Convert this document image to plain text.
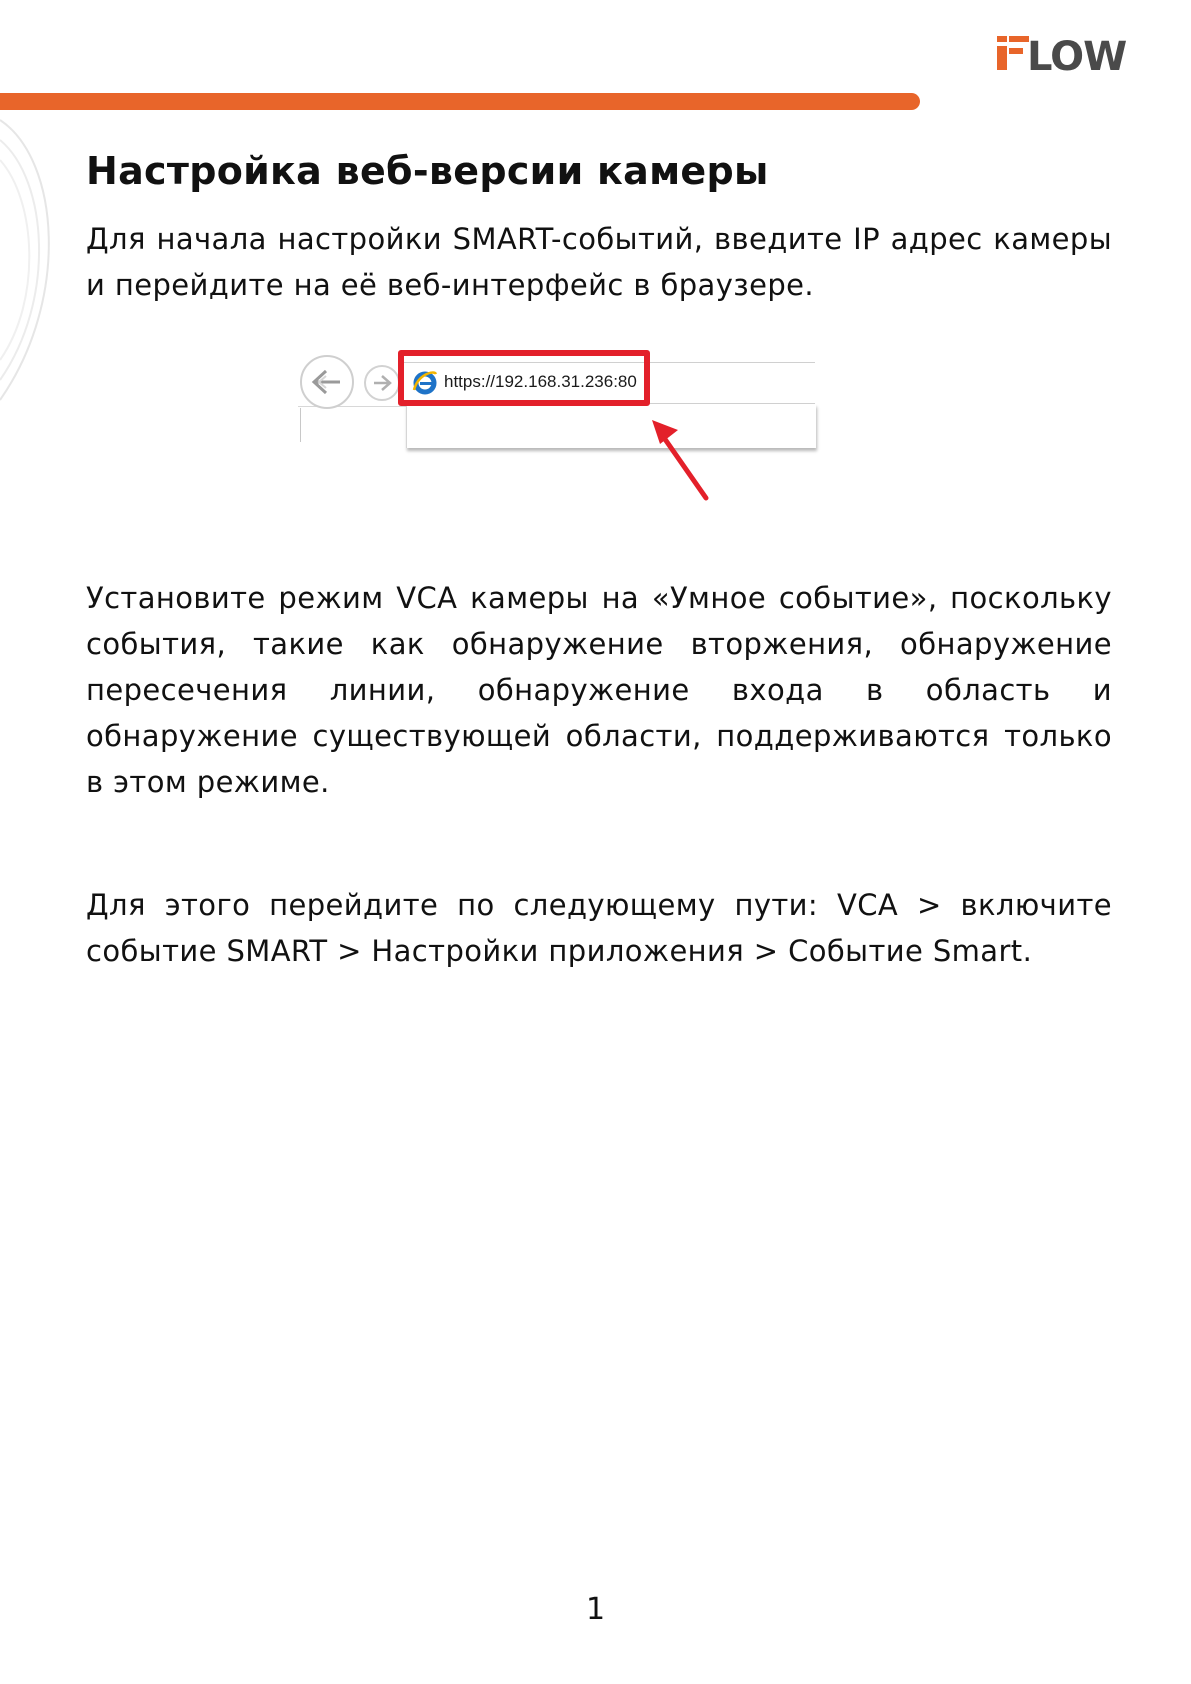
LOW
Настройка веб-версии камеры

Для начала настройки SMART-событий, введите IP адрес камеры и перейдите на её веб-интерфейс в браузере.

https://192.168.31.236:80

Установите режим VCA камеры на «Умное событие», поскольку события, такие как обнаружение вторжения, обнаружение пересечения линии, обнаружение входа в область и обнаружение существующей области, поддерживаются только в этом режиме.

Для этого перейдите по следующему пути: VCA > включите событие SMART > Настройки приложения > Событие Smart.

1
